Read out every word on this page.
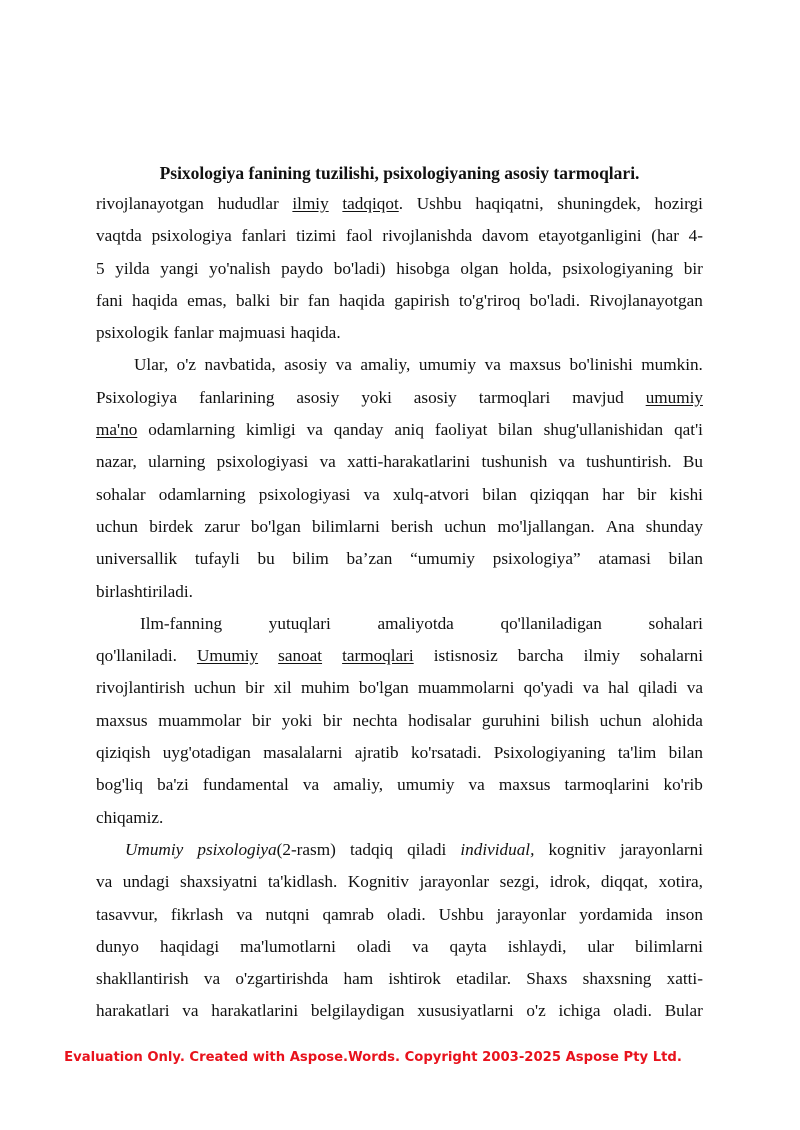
Psixologiya fanining tuzilishi, psixologiyaning asosiy tarmoqlari.
rivojlanayotgan hududlar ilmiy tadqiqot. Ushbu haqiqatni, shuningdek, hozirgi
vaqtda psixologiya fanlari tizimi faol rivojlanishda davom etayotganligini (har 4-
5 yilda yangi yo'nalish paydo bo'ladi) hisobga olgan holda, psixologiyaning bir
fani haqida emas, balki bir fan haqida gapirish to'g'riroq bo'ladi. Rivojlanayotgan
psixologik fanlar majmuasi haqida.
Ular, o'z navbatida, asosiy va amaliy, umumiy va maxsus bo'linishi mumkin.
Psixologiya fanlarining asosiy yoki asosiy tarmoqlari mavjud umumiy
ma'no odamlarning kimligi va qanday aniq faoliyat bilan shug'ullanishidan qat'i
nazar, ularning psixologiyasi va xatti-harakatlarini tushunish va tushuntirish. Bu
sohalar odamlarning psixologiyasi va xulq-atvori bilan qiziqqan har bir kishi
uchun birdek zarur bo'lgan bilimlarni berish uchun mo'ljallangan. Ana shunday
universallik tufayli bu bilim ba’zan “umumiy psixologiya” atamasi bilan
birlashtiriladi.
Ilm-fanning	yutuqlari	amaliyotda	qo'llaniladigan	sohalari
qo'llaniladi. Umumiy sanoat tarmoqlari istisnosiz barcha ilmiy sohalarni
rivojlantirish uchun bir xil muhim bo'lgan muammolarni qo'yadi va hal qiladi va
maxsus muammolar bir yoki bir nechta hodisalar guruhini bilish uchun alohida
qiziqish uyg'otadigan masalalarni ajratib ko'rsatadi. Psixologiyaning ta'lim bilan
bog'liq ba'zi fundamental va amaliy, umumiy va maxsus tarmoqlarini ko'rib
chiqamiz.
Umumiy psixologiya(2-rasm) tadqiq qiladi individual, kognitiv jarayonlarni
va undagi shaxsiyatni ta'kidlash. Kognitiv jarayonlar sezgi, idrok, diqqat, xotira,
tasavvur, fikrlash va nutqni qamrab oladi. Ushbu jarayonlar yordamida inson
dunyo haqidagi ma'lumotlarni oladi va qayta ishlaydi, ular bilimlarni
shakllantirish va o'zgartirishda ham ishtirok etadilar. Shaxs shaxsning xatti-
harakatlari va harakatlarini belgilaydigan xususiyatlarni o'z ichiga oladi. Bular
Evaluation Only. Created with Aspose.Words. Copyright 2003-2025 Aspose Pty Ltd.
